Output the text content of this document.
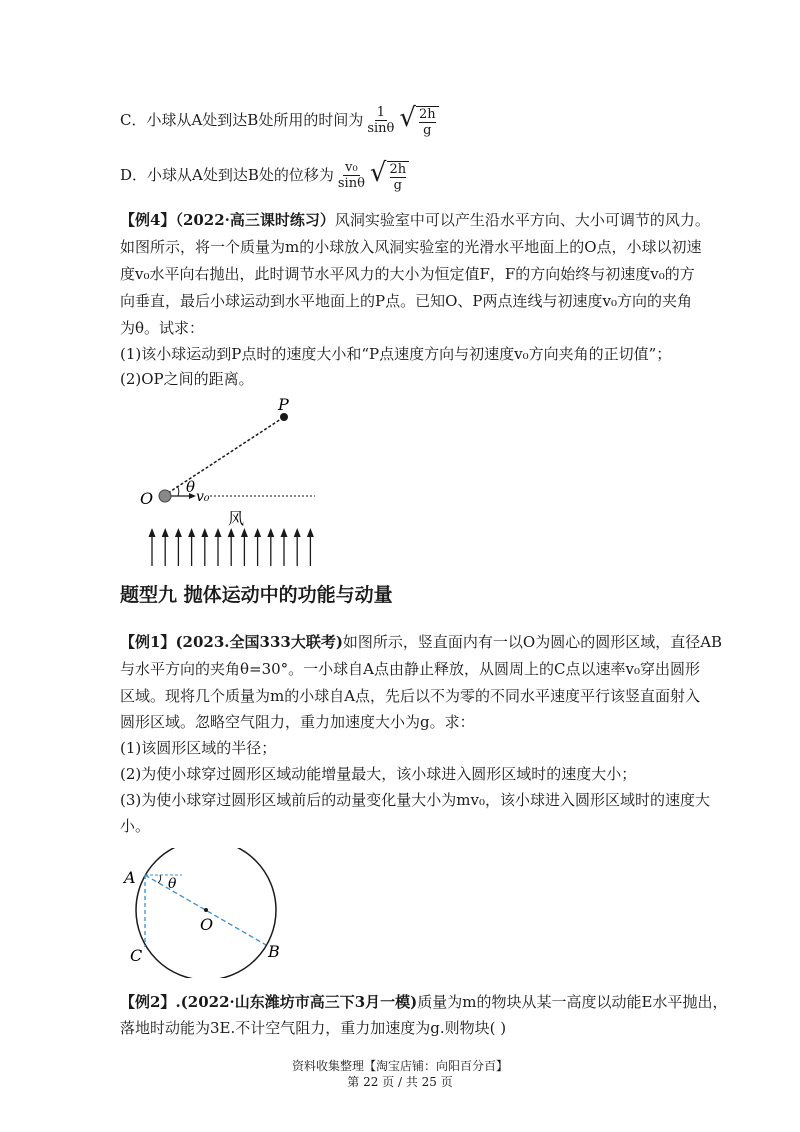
C．小球从A处到达B处所用的时间为 $\frac{1}{\sin\theta}$ √ $\frac{2h}{g}$
D．小球从A处到达B处的位移为 $\frac{\text{v₀}}{\sin\theta}$ √ $\frac{2h}{g}$
【例4】（2022·高三课时练习）风洞实验室中可以产生沿水平方向、大小可调节的风力。
如图所示，将一个质量为m的小球放入风洞实验室的光滑水平地面上的O点，小球以初速
度v₀水平向右抛出，此时调节水平风力的大小为恒定值F，F的方向始终与初速度v₀的方
向垂直，最后小球运动到水平地面上的P点。已知O、P两点连线与初速度v₀方向的夹角
为θ。试求：
(1)该小球运动到P点时的速度大小和“P点速度方向与初速度v₀方向夹角的正切值”；
(2)OP之间的距离。
P
O
θ
v₀
风
题型九 抛体运动中的功能与动量
【例1】(2023.全国333大联考)如图所示，竖直面内有一以O为圆心的圆形区域，直径AB
与水平方向的夹角θ=30°。一小球自A点由静止释放，从圆周上的C点以速率v₀穿出圆形
区域。现将几个质量为m的小球自A点，先后以不为零的不同水平速度平行该竖直面射入
圆形区域。忽略空气阻力，重力加速度大小为g。求：
(1)该圆形区域的半径；
(2)为使小球穿过圆形区域动能增量最大，该小球进入圆形区域时的速度大小；
(3)为使小球穿过圆形区域前后的动量变化量大小为mv₀，该小球进入圆形区域时的速度大
小。
A θ
O
B
C
【例2】.(2022·山东潍坊市高三下3月一模)质量为m的物块从某一高度以动能E水平抛出，
落地时动能为3E.不计空气阻力，重力加速度为g.则物块( )
资料收集整理【淘宝店铺：向阳百分百】
第 22 页 / 共 25 页
